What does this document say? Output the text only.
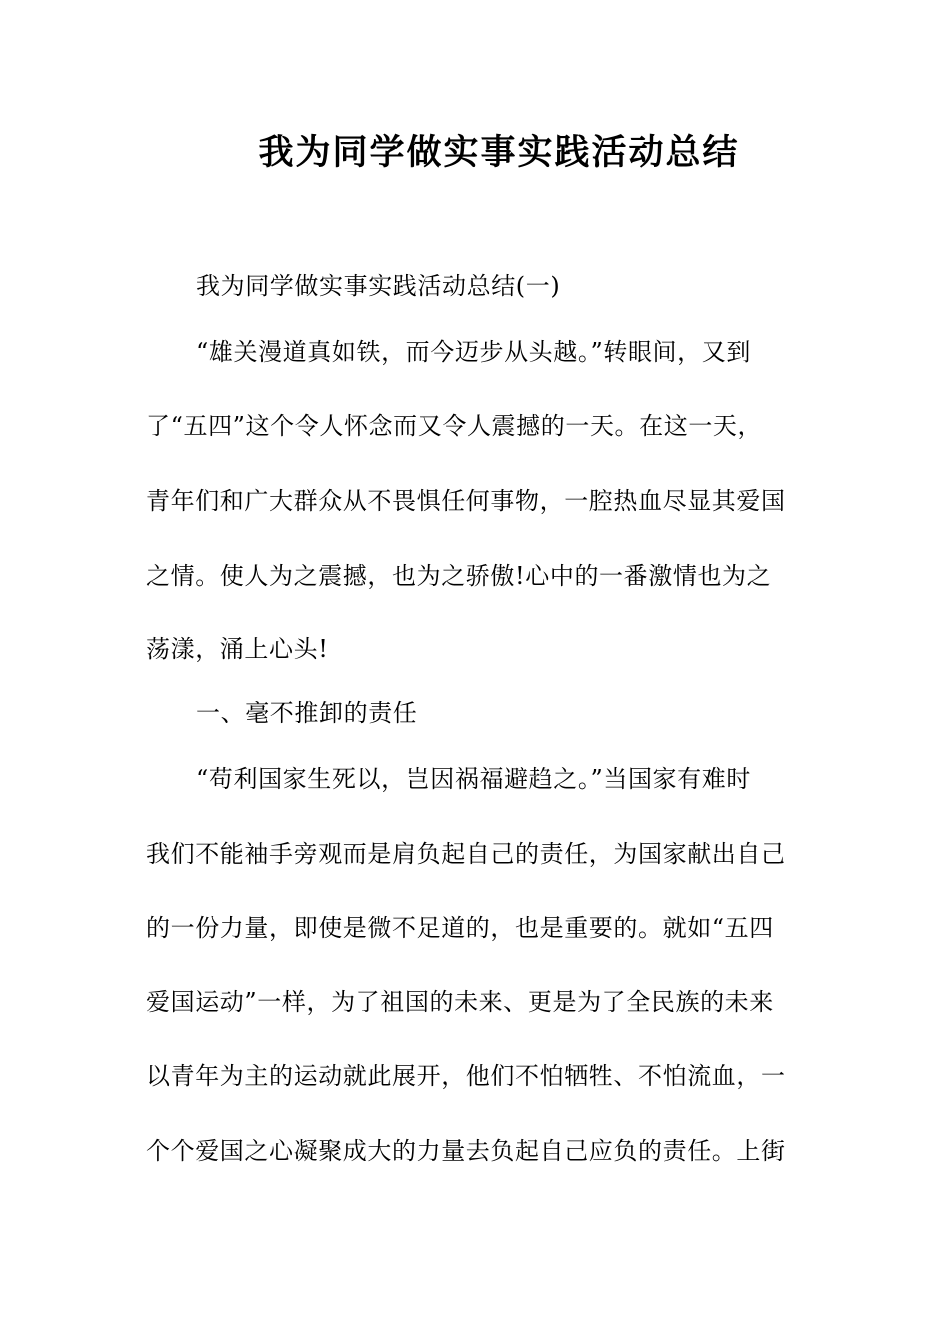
我为同学做实事实践活动总结
我为同学做实事实践活动总结(一)
“雄关漫道真如铁，而今迈步从头越。”转眼间，又到
了“五四”这个令人怀念而又令人震撼的一天。在这一天，
青年们和广大群众从不畏惧任何事物，一腔热血尽显其爱国
之情。使人为之震撼，也为之骄傲!心中的一番激情也为之
荡漾，涌上心头!
一、毫不推卸的责任
“苟利国家生死以，岂因祸福避趋之。”当国家有难时
我们不能袖手旁观而是肩负起自己的责任，为国家献出自己
的一份力量，即使是微不足道的，也是重要的。就如“五四
爱国运动”一样，为了祖国的未来、更是为了全民族的未来
以青年为主的运动就此展开，他们不怕牺牲、不怕流血，一
个个爱国之心凝聚成大的力量去负起自己应负的责任。上街
